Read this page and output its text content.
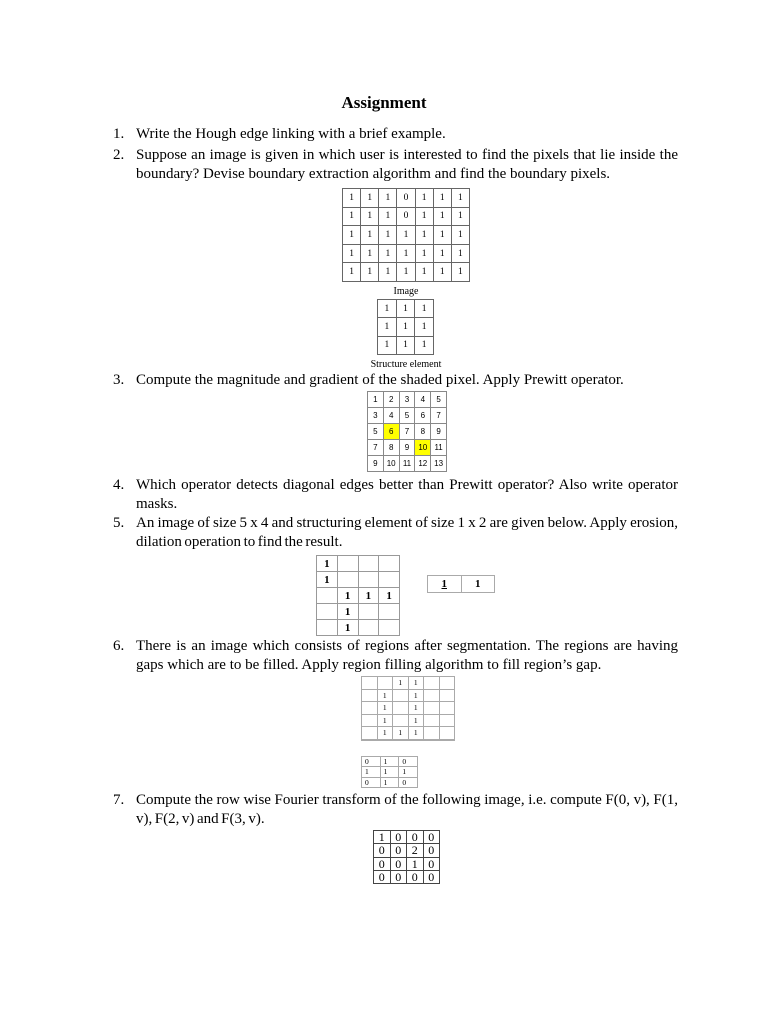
Assignment
1. Write the Hough edge linking with a brief example.
2. Suppose an image is given in which user is interested to find the pixels that lie inside the boundary? Devise boundary extraction algorithm and find the boundary pixels.
1	1	1	0	1	1	1
1	1	1	0	1	1	1
1	1	1	1	1	1	1
1	1	1	1	1	1	1
1	1	1	1	1	1	1
Image
1	1	1
1	1	1
1	1	1
Structure element
3. Compute the magnitude and gradient of the shaded pixel. Apply Prewitt operator.
1	2	3	4	5
3	4	5	6	7
5	6	7	8	9
7	8	9	10	11
9	10	11	12	13
4. Which operator detects diagonal edges better than Prewitt operator? Also write operator masks.
5. An image of size 5 x 4 and structuring element of size 1 x 2 are given below. Apply erosion, dilation operation to find the result.
1			
1			
	1	1	1
	1		
	1		
1	1
6. There is an image which consists of regions after segmentation. The regions are having gaps which are to be filled. Apply region filling algorithm to fill region’s gap.
		1	1		
	1		1		
	1		1		
	1		1		
	1	1	1		

0	1	0
1	1	1
0	1	0
7. Compute the row wise Fourier transform of the following image, i.e. compute F(0, v), F(1, v), F(2, v) and F(3, v).
1	0	0	0
0	0	2	0
0	0	1	0
0	0	0	0
